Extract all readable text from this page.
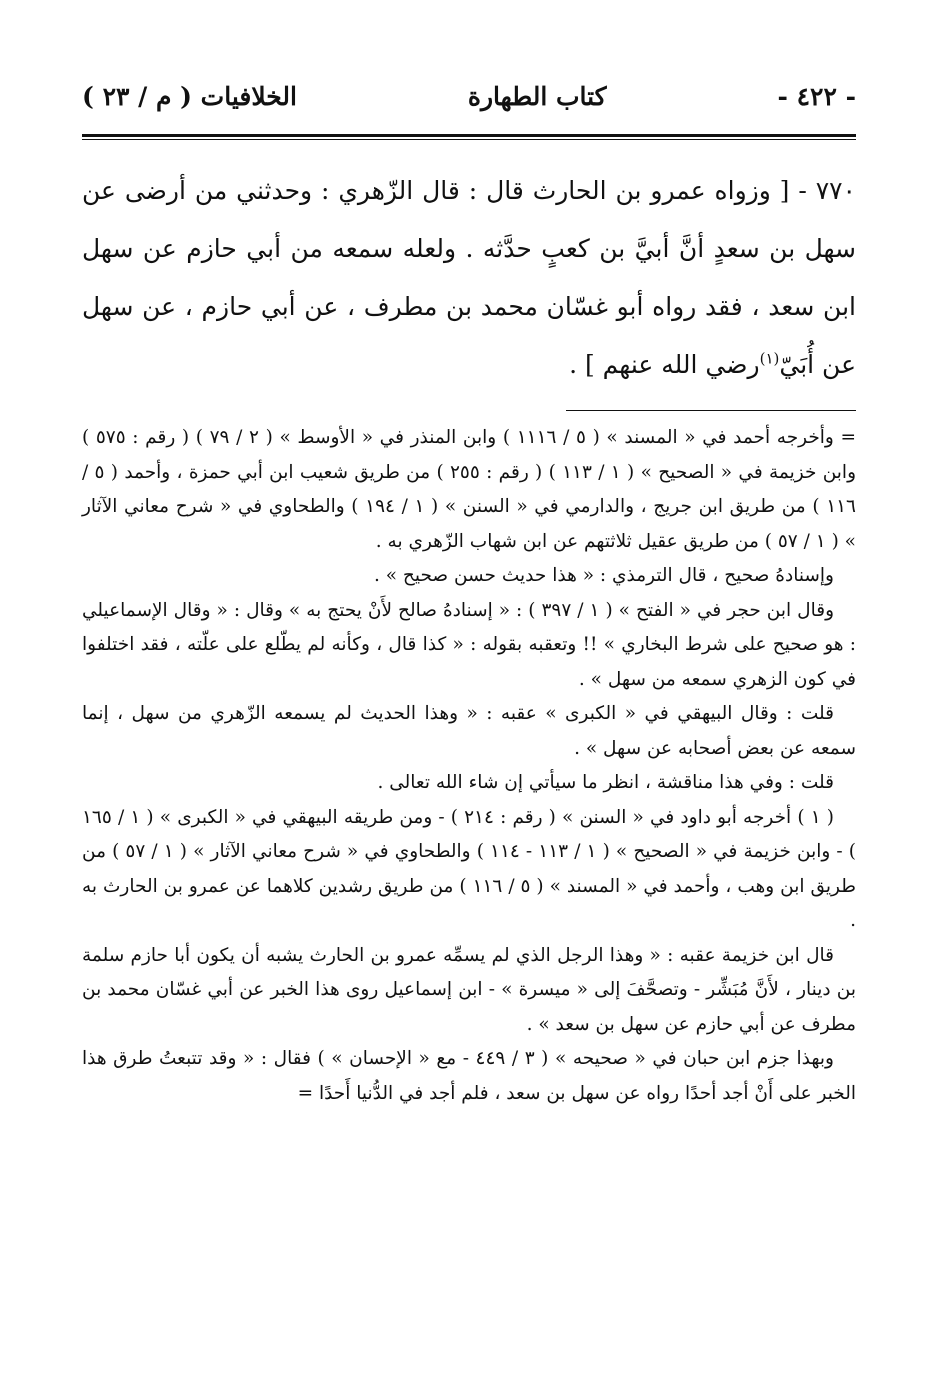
- ٤٢٢ -
كتاب الطهارة
الخلافيات ( م / ٢٣ )
٧٧٠ - [ وزواه عمرو بن الحارث قال : قال الزّهري : وحدثني من أرضى عن سهل بن سعدٍ أنَّ أبيَّ بن كعبٍ حدَّثه . ولعله سمعه من أبي حازم عن سهل ابن سعد ، فقد رواه أبو غسّان محمد بن مطرف ، عن أبي حازم ، عن سهل عن أُبَيّ$^{(١)}$رضي الله عنهم ] .

= وأخرجه أحمد في « المسند » ( ٥ / ١١١٦ ) وابن المنذر في « الأوسط » ( ٢ / ٧٩ ) ( رقم : ٥٧٥ ) وابن خزيمة في « الصحيح » ( ١ / ١١٣ ) ( رقم : ٢٥٥ ) من طريق شعيب ابن أبي حمزة ، وأحمد ( ٥ / ١١٦ ) من طريق ابن جريج ، والدارمي في « السنن » ( ١ / ١٩٤ ) والطحاوي في « شرح معاني الآثار » ( ١ / ٥٧ ) من طريق عقيل ثلاثتهم عن ابن شهاب الزّهري به .

وإسنادهُ صحيح ، قال الترمذي : « هذا حديث حسن صحيح » .

وقال ابن حجر في « الفتح » ( ١ / ٣٩٧ ) : « إسنادهُ صالح لأَنْ يحتج به » وقال : « وقال الإسماعيلي : هو صحيح على شرط البخاري » !! وتعقبه بقوله : « كذا قال ، وكأنه لم يطّلع على علّته ، فقد اختلفوا في كون الزهري سمعه من سهل » .

قلت : وقال البيهقي في « الكبرى » عقبه : « وهذا الحديث لم يسمعه الزّهري من سهل ، إنما سمعه عن بعض أصحابه عن سهل » .

قلت : وفي هذا مناقشة ، انظر ما سيأتي إن شاء الله تعالى .

( ١ ) أخرجه أبو داود في « السنن » ( رقم : ٢١٤ ) - ومن طريقه البيهقي في « الكبرى » ( ١ / ١٦٥ ) - وابن خزيمة في « الصحيح » ( ١ / ١١٣ - ١١٤ ) والطحاوي في « شرح معاني الآثار » ( ١ / ٥٧ ) من طريق ابن وهب ، وأحمد في « المسند » ( ٥ / ١١٦ ) من طريق رشدين كلاهما عن عمرو بن الحارث به .

قال ابن خزيمة عقبه : « وهذا الرجل الذي لم يسمِّه عمرو بن الحارث يشبه أن يكون أبا حازم سلمة بن دينار ، لأَنَّ مُبَشِّر - وتصحَّفَ إلى « ميسرة » - ابن إسماعيل روى هذا الخبر عن أبي غسّان محمد بن مطرف عن أبي حازم عن سهل بن سعد » .

وبهذا جزم ابن حبان في « صحيحه » ( ٣ / ٤٤٩ - مع « الإحسان » ) فقال : « وقد تتبعتُ طرق هذا الخبر على أَنْ أجد أحدًا رواه عن سهل بن سعد ، فلم أجد في الدُّنيا أَحدًا =
